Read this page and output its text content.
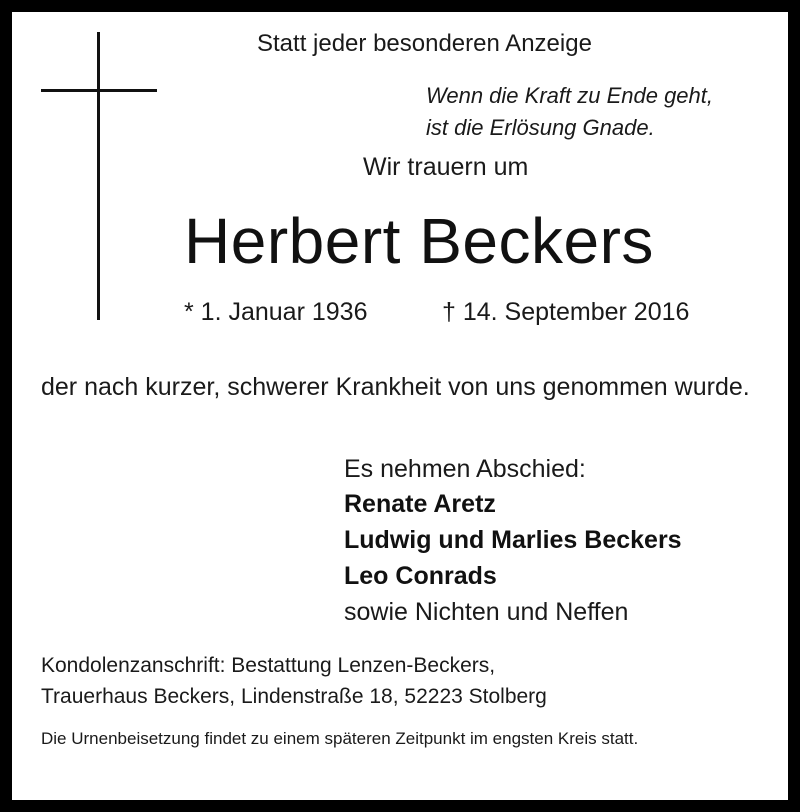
Statt jeder besonderen Anzeige
Wenn die Kraft zu Ende geht,
ist die Erlösung Gnade.
Wir trauern um
Herbert Beckers
* 1. Januar 1936	† 14. September 2016
der nach kurzer, schwerer Krankheit von uns genommen wurde.
Es nehmen Abschied:
Renate Aretz
Ludwig und Marlies Beckers
Leo Conrads
sowie Nichten und Neffen
Kondolenzanschrift: Bestattung Lenzen-Beckers,
Trauerhaus Beckers, Lindenstraße 18, 52223 Stolberg
Die Urnenbeisetzung findet zu einem späteren Zeitpunkt im engsten Kreis statt.
